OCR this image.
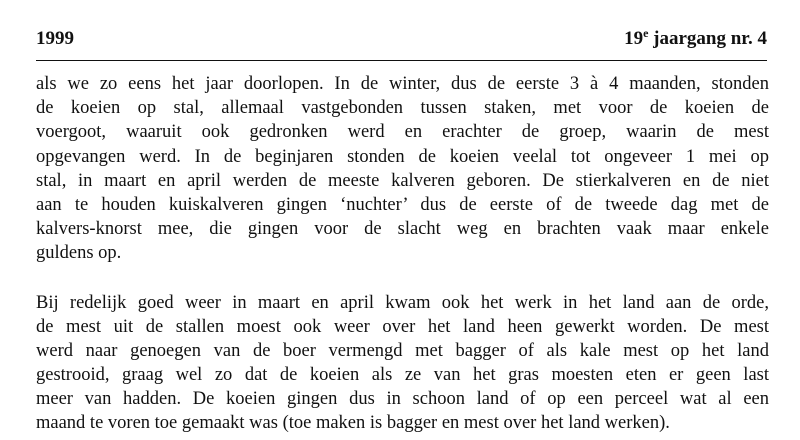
1999	19e jaargang nr. 4

als we zo eens het jaar doorlopen. In de winter, dus de eerste 3 à 4 maanden, stonden
de koeien op stal, allemaal vastgebonden tussen staken, met voor de koeien de
voergoot, waaruit ook gedronken werd en erachter de groep, waarin de mest
opgevangen werd. In de beginjaren stonden de koeien veelal tot ongeveer 1 mei op
stal, in maart en april werden de meeste kalveren geboren. De stierkalveren en de niet
aan te houden kuiskalveren gingen ‘nuchter’ dus de eerste of de tweede dag met de
kalvers-knorst mee, die gingen voor de slacht weg en brachten vaak maar enkele
guldens op.

Bij redelijk goed weer in maart en april kwam ook het werk in het land aan de orde,
de mest uit de stallen moest ook weer over het land heen gewerkt worden. De mest
werd naar genoegen van de boer vermengd met bagger of als kale mest op het land
gestrooid, graag wel zo dat de koeien als ze van het gras moesten eten er geen last
meer van hadden. De koeien gingen dus in schoon land of op een perceel wat al een
maand te voren toe gemaakt was (toe maken is bagger en mest over het land werken).
